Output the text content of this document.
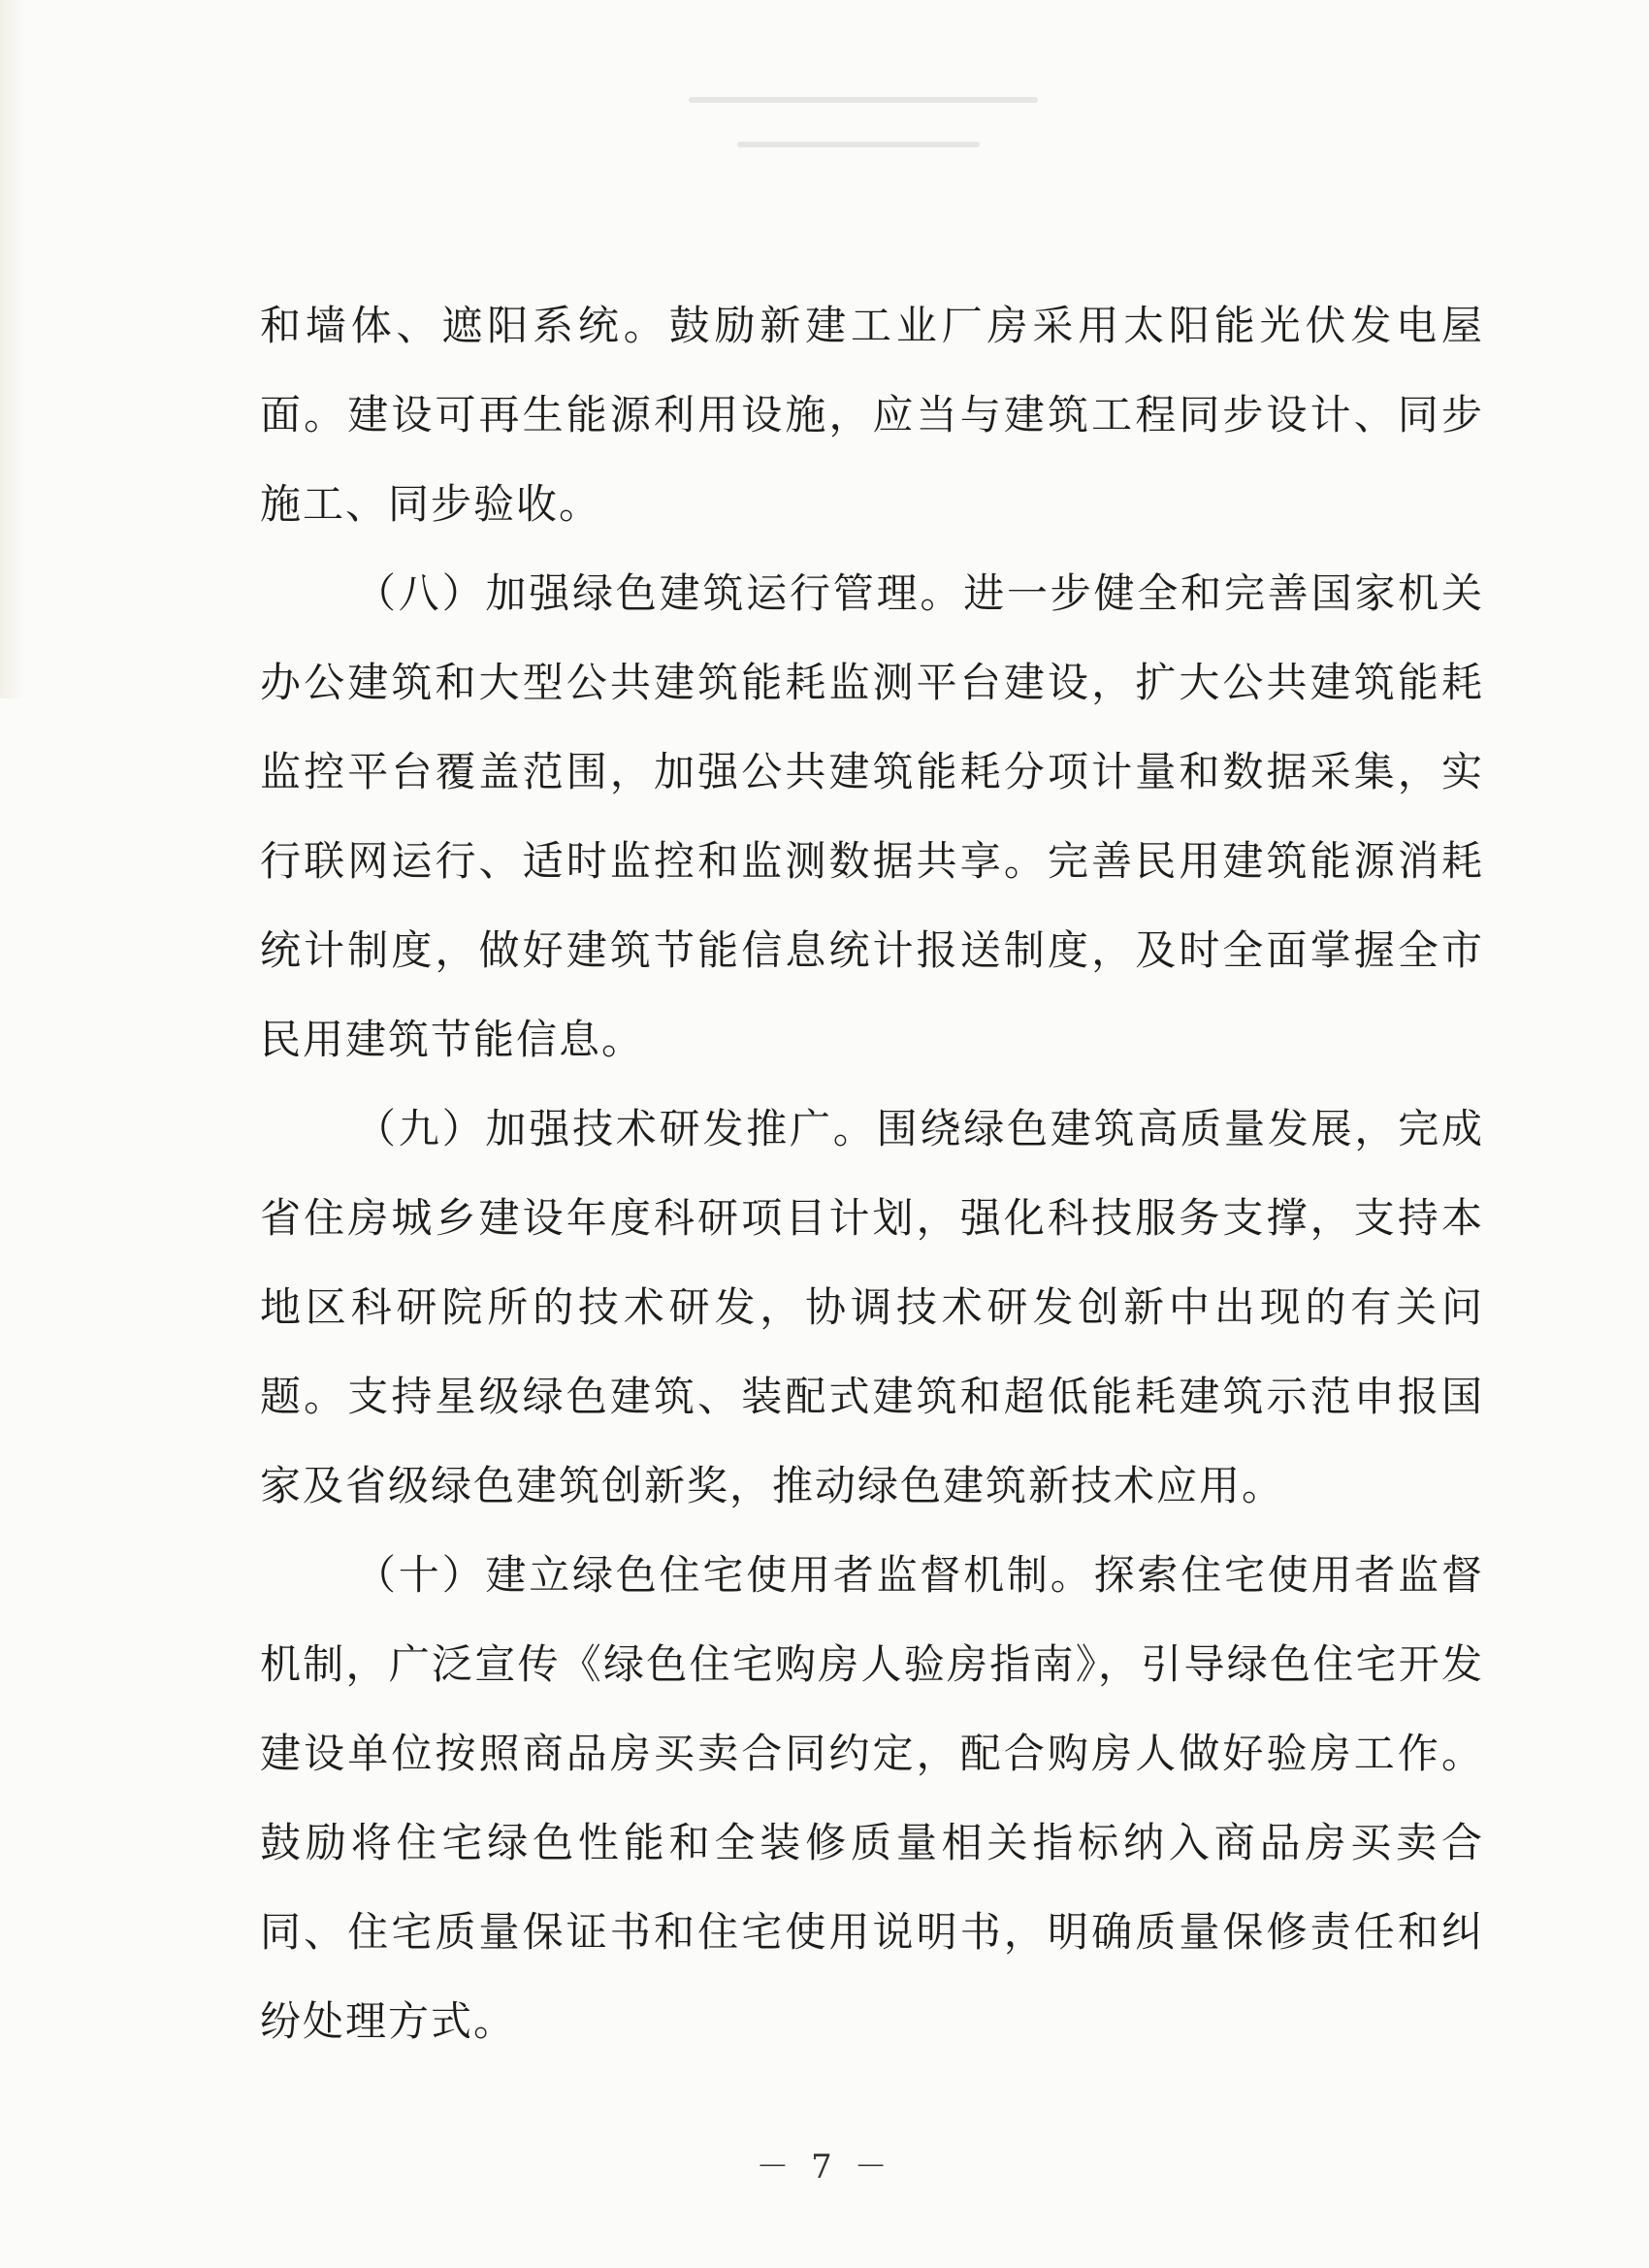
和墙体、遮阳系统。鼓励新建工业厂房采用太阳能光伏发电屋面。建设可再生能源利用设施，应当与建筑工程同步设计、同步施工、同步验收。

（八）加强绿色建筑运行管理。进一步健全和完善国家机关办公建筑和大型公共建筑能耗监测平台建设，扩大公共建筑能耗监控平台覆盖范围，加强公共建筑能耗分项计量和数据采集，实行联网运行、适时监控和监测数据共享。完善民用建筑能源消耗统计制度，做好建筑节能信息统计报送制度，及时全面掌握全市民用建筑节能信息。

（九）加强技术研发推广。围绕绿色建筑高质量发展，完成省住房城乡建设年度科研项目计划，强化科技服务支撑，支持本地区科研院所的技术研发，协调技术研发创新中出现的有关问题。支持星级绿色建筑、装配式建筑和超低能耗建筑示范申报国家及省级绿色建筑创新奖，推动绿色建筑新技术应用。

（十）建立绿色住宅使用者监督机制。探索住宅使用者监督机制，广泛宣传《绿色住宅购房人验房指南》，引导绿色住宅开发建设单位按照商品房买卖合同约定，配合购房人做好验房工作。鼓励将住宅绿色性能和全装修质量相关指标纳入商品房买卖合同、住宅质量保证书和住宅使用说明书，明确质量保修责任和纠纷处理方式。

－ 7 －
